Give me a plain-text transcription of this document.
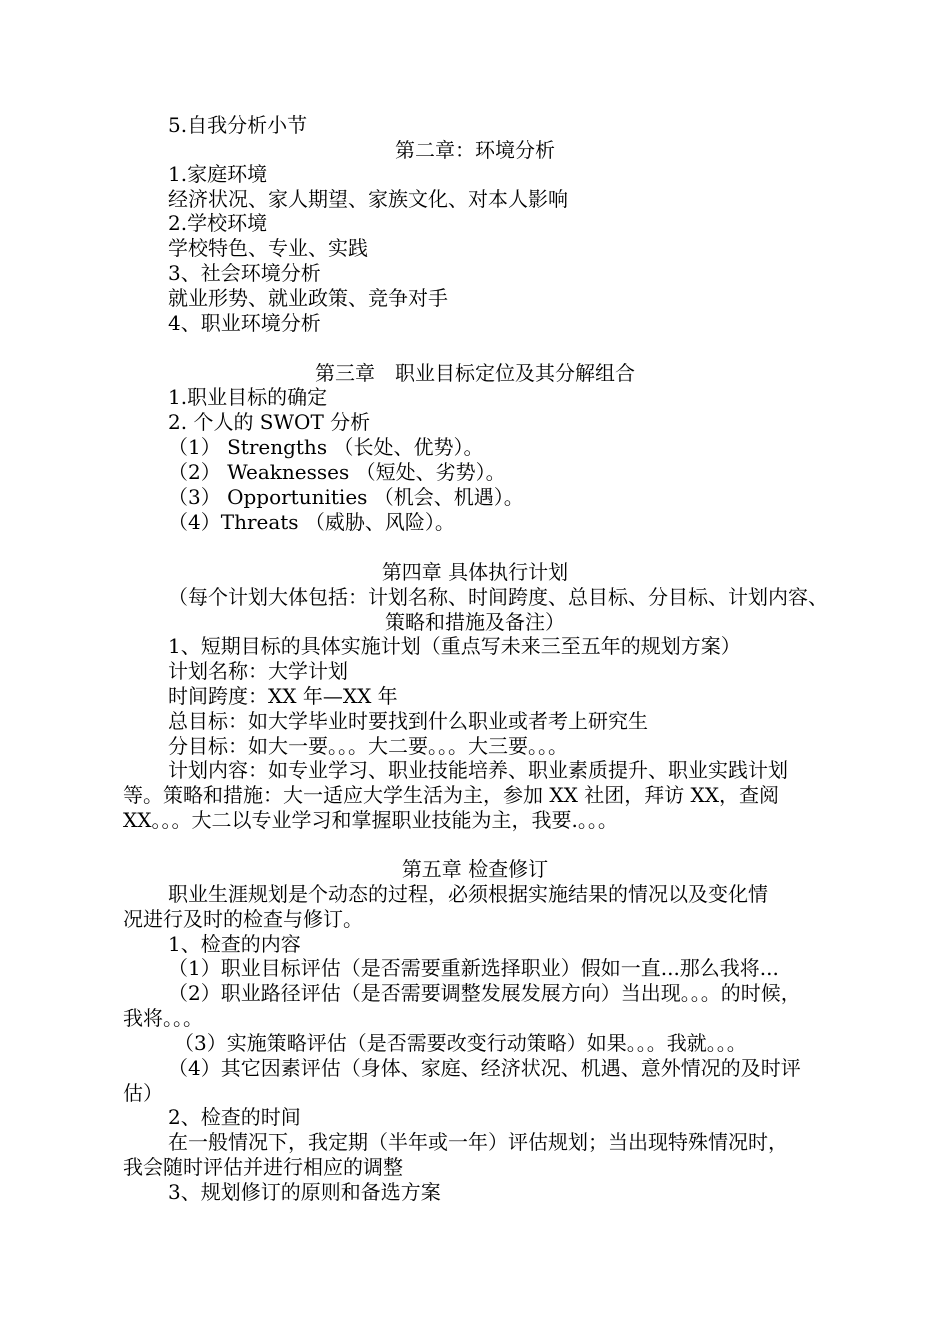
5.自我分析小节
第二章：环境分析
1.家庭环境
经济状况、家人期望、家族文化、对本人影响
2.学校环境
学校特色、专业、实践
3、社会环境分析
就业形势、就业政策、竞争对手
4、职业环境分析
第三章　职业目标定位及其分解组合
1.职业目标的确定
2. 个人的 SWOT 分析
（1） Strengths （长处、优势）。
（2） Weaknesses （短处、劣势）。
（3） Opportunities （机会、机遇）。
（4）Threats （威胁、风险）。
第四章 具体执行计划
（每个计划大体包括：计划名称、时间跨度、总目标、分目标、计划内容、
策略和措施及备注）
1、短期目标的具体实施计划（重点写未来三至五年的规划方案）
计划名称：大学计划
时间跨度：XX 年—XX 年
总目标：如大学毕业时要找到什么职业或者考上研究生
分目标：如大一要。。。大二要。。。大三要。。。
计划内容：如专业学习、职业技能培养、职业素质提升、职业实践计划
等。策略和措施：大一适应大学生活为主，参加 XX 社团，拜访 XX，查阅
XX。。。大二以专业学习和掌握职业技能为主，我要.。。。
第五章 检查修订
职业生涯规划是个动态的过程，必须根据实施结果的情况以及变化情
况进行及时的检查与修订。
1、检查的内容
（1）职业目标评估（是否需要重新选择职业）假如一直...那么我将...
（2）职业路径评估（是否需要调整发展发展方向）当出现。。。的时候，
我将。。。
（3）实施策略评估（是否需要改变行动策略）如果。。。我就。。。
（4）其它因素评估（身体、家庭、经济状况、机遇、意外情况的及时评
估）
2、检查的时间
在一般情况下，我定期（半年或一年）评估规划；当出现特殊情况时，
我会随时评估并进行相应的调整
3、规划修订的原则和备选方案
